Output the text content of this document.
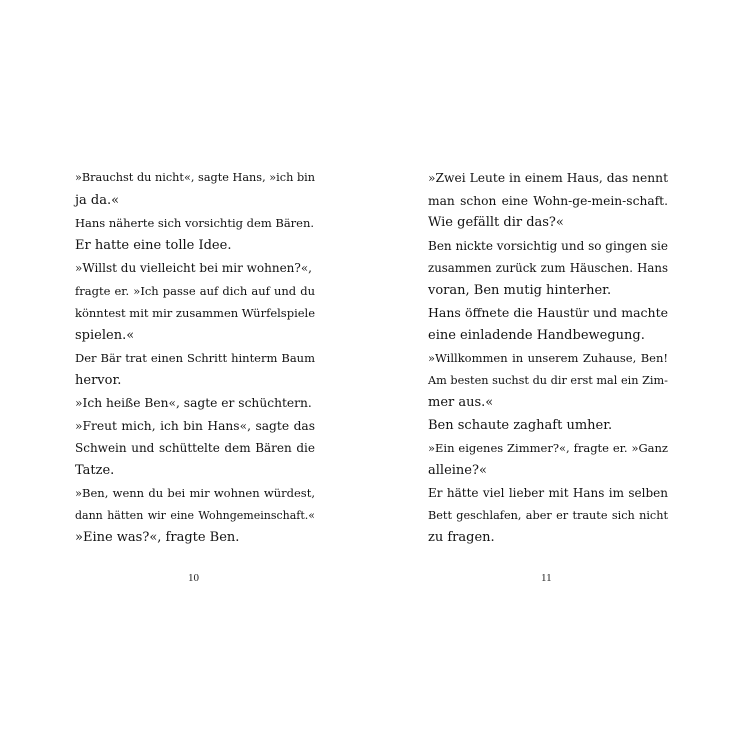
»Brauchst du nicht«, sagte Hans, »ich bin
ja da.«
Hans näherte sich vorsichtig dem Bären.
Er hatte eine tolle Idee.
»Willst du vielleicht bei mir wohnen?«,
fragte er. »Ich passe auf dich auf und du
könntest mit mir zusammen Würfelspiele
spielen.«
Der Bär trat einen Schritt hinterm Baum
hervor.
»Ich heiße Ben«, sagte er schüchtern.
»Freut mich, ich bin Hans«, sagte das
Schwein und schüttelte dem Bären die
Tatze.
»Ben, wenn du bei mir wohnen würdest,
dann hätten wir eine Wohngemeinschaft.«
»Eine was?«, fragte Ben.
»Zwei Leute in einem Haus, das nennt
man schon eine Wohn-ge-mein-schaft.
Wie gefällt dir das?«
Ben nickte vorsichtig und so gingen sie
zusammen zurück zum Häuschen. Hans
voran, Ben mutig hinterher.
Hans öffnete die Haustür und machte
eine einladende Handbewegung.
»Willkommen in unserem Zuhause, Ben!
Am besten suchst du dir erst mal ein Zim-
mer aus.«
Ben schaute zaghaft umher.
»Ein eigenes Zimmer?«, fragte er. »Ganz
alleine?«
Er hätte viel lieber mit Hans im selben
Bett geschlafen, aber er traute sich nicht
zu fragen.
10	11
